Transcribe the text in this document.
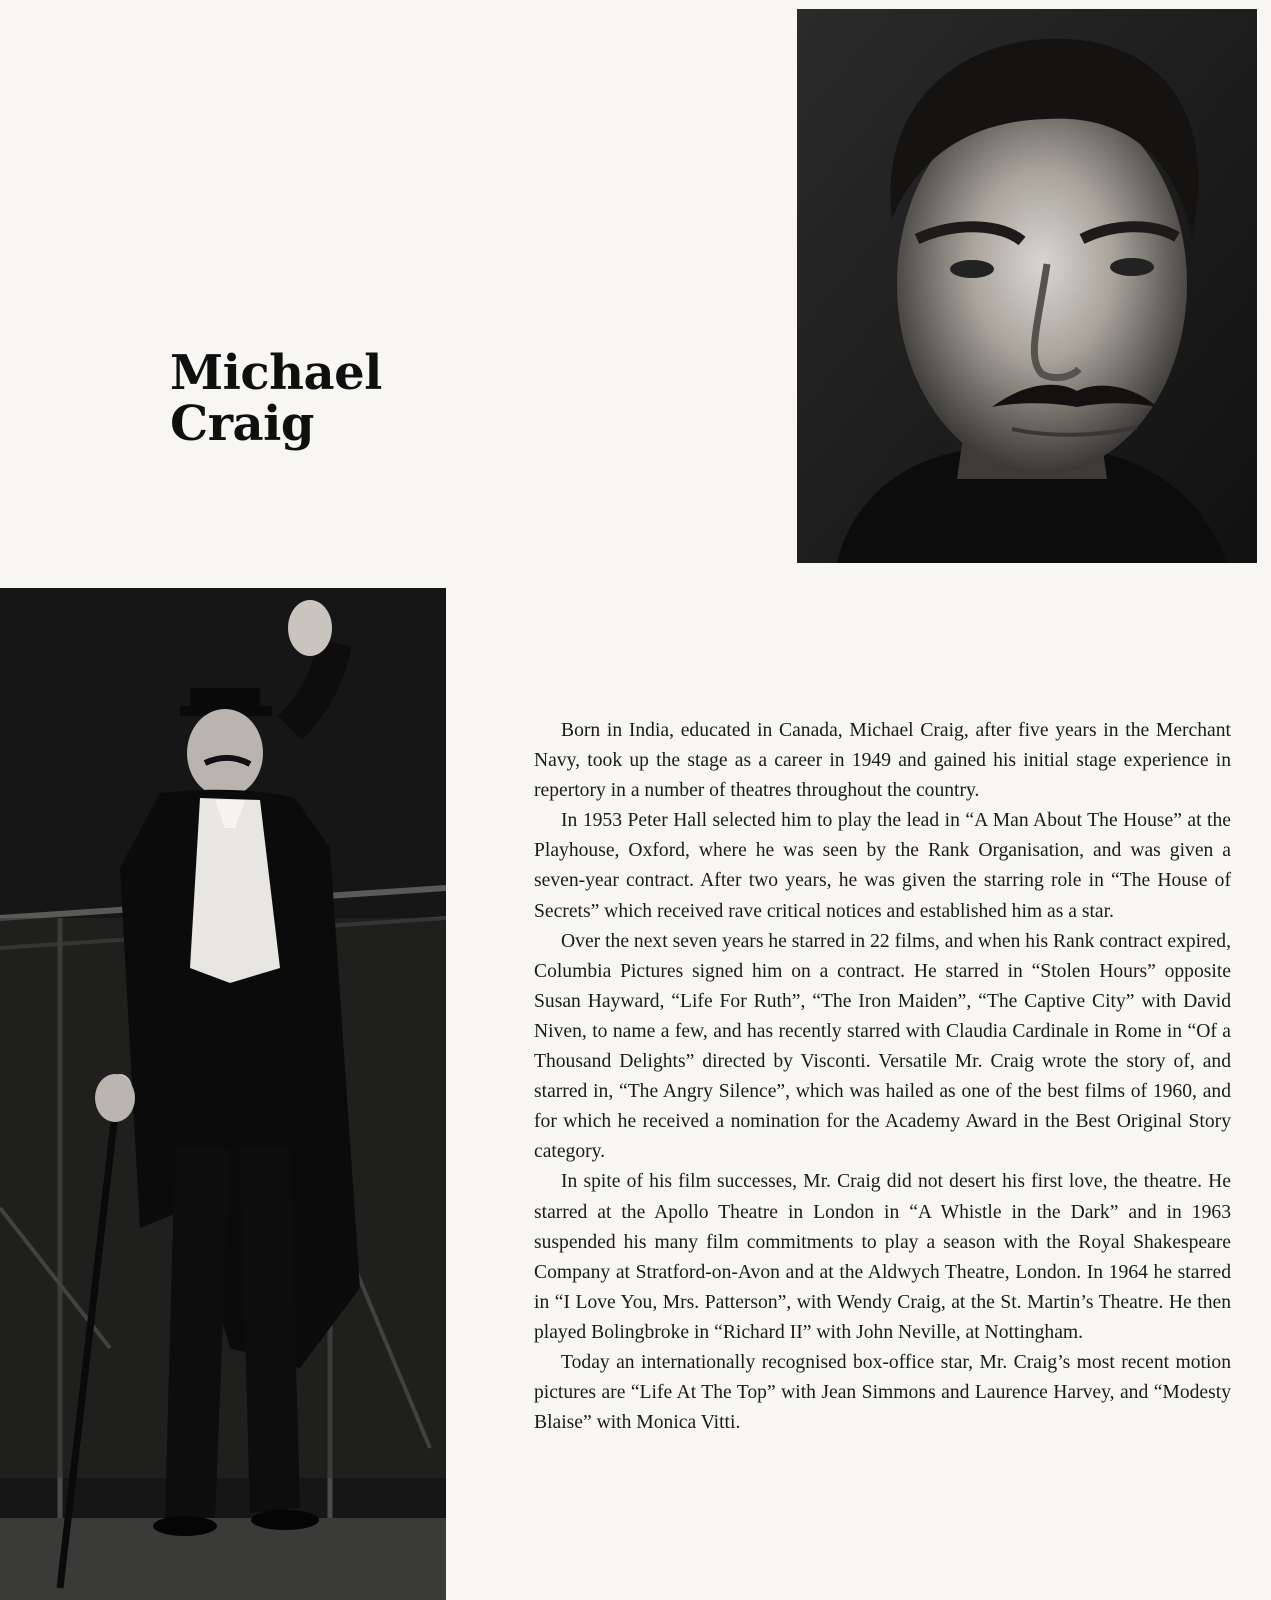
Michael
Craig

Born in India, educated in Canada, Michael Craig, after five years in the Merchant Navy, took up the stage as a career in 1949 and gained his initial stage experience in repertory in a number of theatres throughout the country.

In 1953 Peter Hall selected him to play the lead in “A Man About The House” at the Playhouse, Oxford, where he was seen by the Rank Organisation, and was given a seven-year contract. After two years, he was given the starring role in “The House of Secrets” which received rave critical notices and established him as a star.

Over the next seven years he starred in 22 films, and when his Rank contract expired, Columbia Pictures signed him on a contract. He starred in “Stolen Hours” opposite Susan Hayward, “Life For Ruth”, “The Iron Maiden”, “The Captive City” with David Niven, to name a few, and has recently starred with Claudia Cardinale in Rome in “Of a Thousand Delights” directed by Visconti. Versatile Mr. Craig wrote the story of, and starred in, “The Angry Silence”, which was hailed as one of the best films of 1960, and for which he received a nomination for the Academy Award in the Best Original Story category.

In spite of his film successes, Mr. Craig did not desert his first love, the theatre. He starred at the Apollo Theatre in London in “A Whistle in the Dark” and in 1963 suspended his many film commitments to play a season with the Royal Shakespeare Company at Stratford-on-Avon and at the Aldwych Theatre, London. In 1964 he starred in “I Love You, Mrs. Patterson”, with Wendy Craig, at the St. Martin’s Theatre. He then played Bolingbroke in “Richard II” with John Neville, at Nottingham.

Today an internationally recognised box-office star, Mr. Craig’s most recent motion pictures are “Life At The Top” with Jean Simmons and Laurence Harvey, and “Modesty Blaise” with Monica Vitti.
